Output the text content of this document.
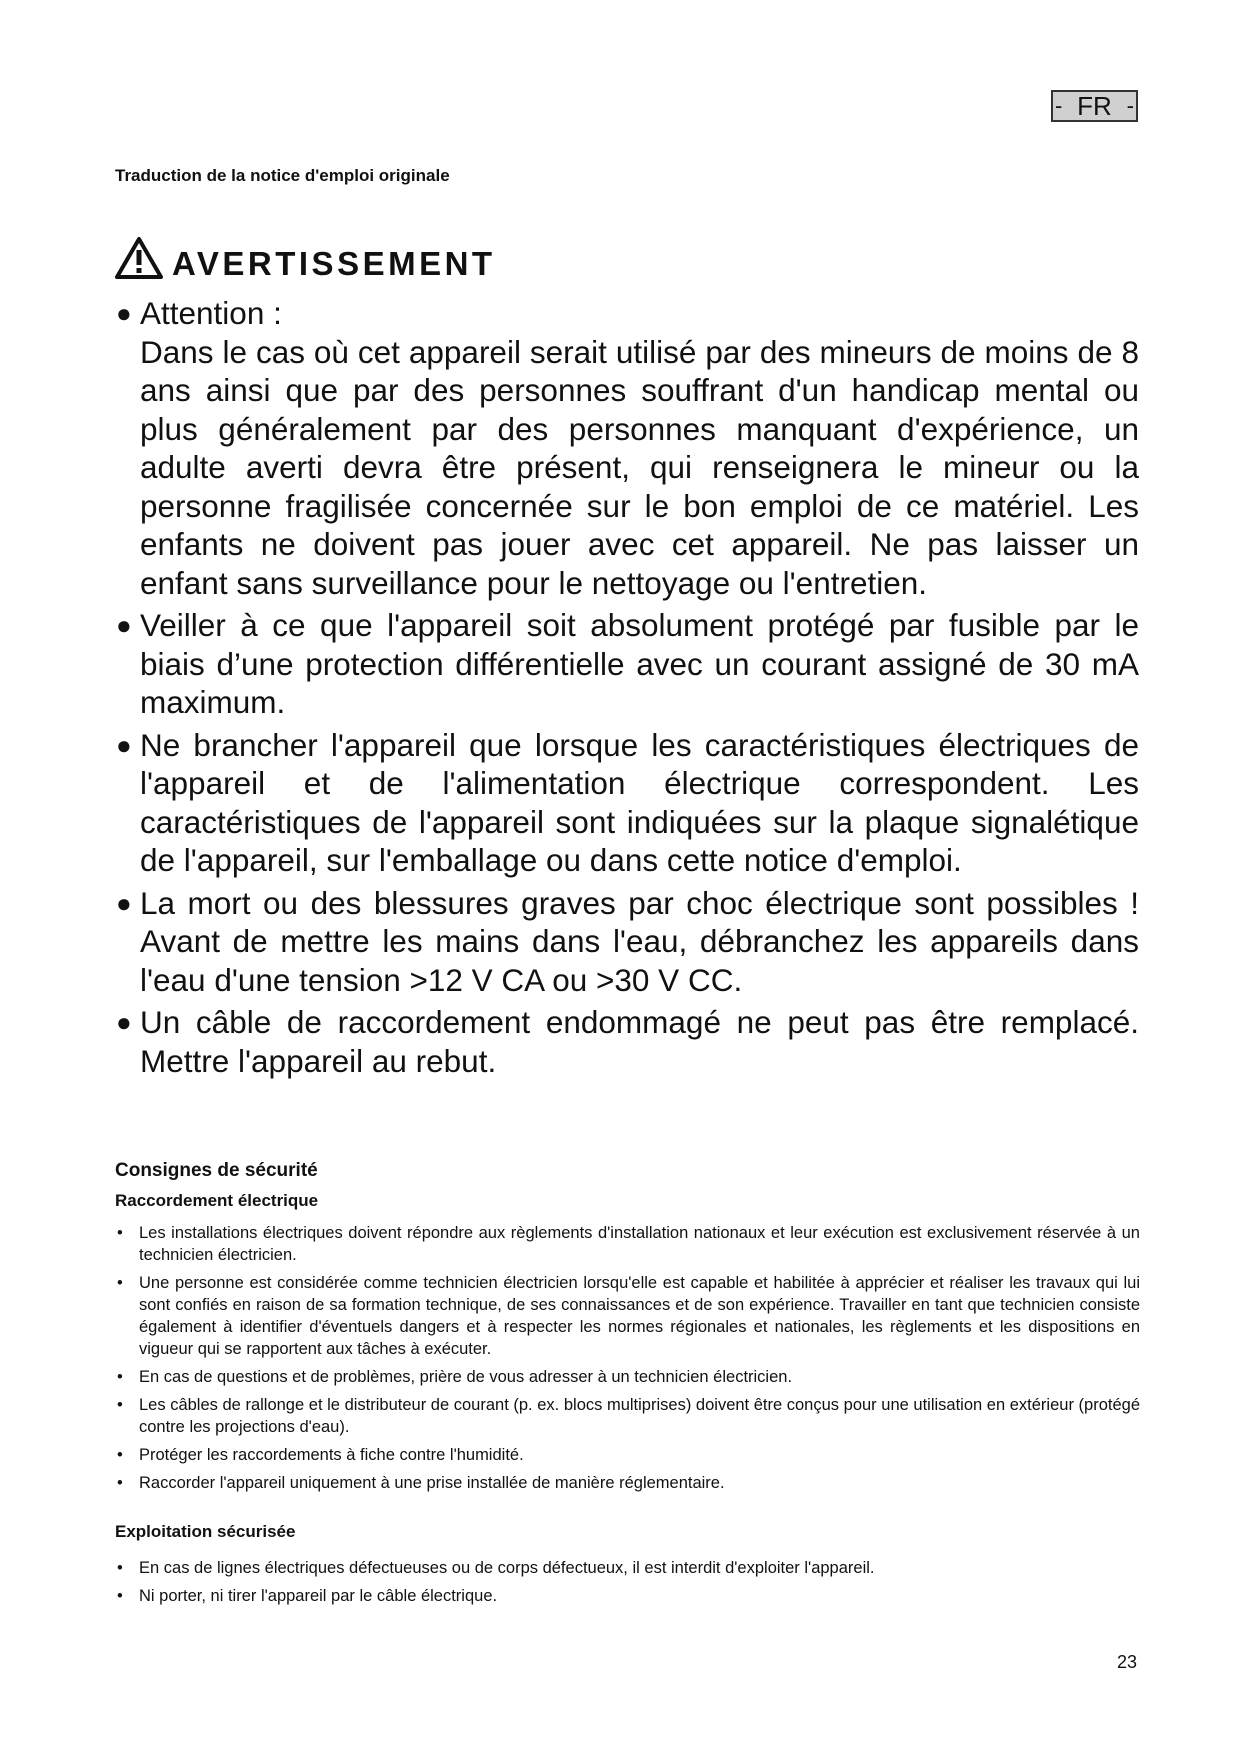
- FR -
Traduction de la notice d'emploi originale
AVERTISSEMENT
● Attention :

Dans le cas où cet appareil serait utilisé par des mineurs de moins de 8 ans ainsi que par des personnes souffrant d'un handicap mental ou plus généralement par des personnes manquant d'expérience, un adulte averti devra être présent, qui renseignera le mineur ou la personne fragilisée concernée sur le bon emploi de ce matériel. Les enfants ne doivent pas jouer avec cet appareil. Ne pas laisser un enfant sans surveillance pour le nettoyage ou l'entretien.

● Veiller à ce que l'appareil soit absolument protégé par fusible par le biais d’une protection différentielle avec un courant assigné de 30 mA maximum.

● Ne brancher l'appareil que lorsque les caractéristiques électriques de l'appareil et de l'alimentation électrique correspondent. Les caractéristiques de l'appareil sont indiquées sur la plaque signalétique de l'appareil, sur l'emballage ou dans cette notice d'emploi.

● La mort ou des blessures graves par choc électrique sont possibles ! Avant de mettre les mains dans l'eau, débranchez les appareils dans l'eau d'une tension >12 V CA ou >30 V CC.

● Un câble de raccordement endommagé ne peut pas être remplacé. Mettre l'appareil au rebut.

Consignes de sécurité
Raccordement électrique
• Les installations électriques doivent répondre aux règlements d'installation nationaux et leur exécution est exclusivement réservée à un technicien électricien.
• Une personne est considérée comme technicien électricien lorsqu'elle est capable et habilitée à apprécier et réaliser les travaux qui lui sont confiés en raison de sa formation technique, de ses connaissances et de son expérience. Travailler en tant que technicien consiste également à identifier d'éventuels dangers et à respecter les normes régionales et nationales, les règlements et les dispositions en vigueur qui se rapportent aux tâches à exécuter.
• En cas de questions et de problèmes, prière de vous adresser à un technicien électricien.
• Les câbles de rallonge et le distributeur de courant (p. ex. blocs multiprises) doivent être conçus pour une utilisation en extérieur (protégé contre les projections d'eau).
• Protéger les raccordements à fiche contre l'humidité.
• Raccorder l'appareil uniquement à une prise installée de manière réglementaire.
Exploitation sécurisée
• En cas de lignes électriques défectueuses ou de corps défectueux, il est interdit d'exploiter l'appareil.
• Ni porter, ni tirer l'appareil par le câble électrique.
23
